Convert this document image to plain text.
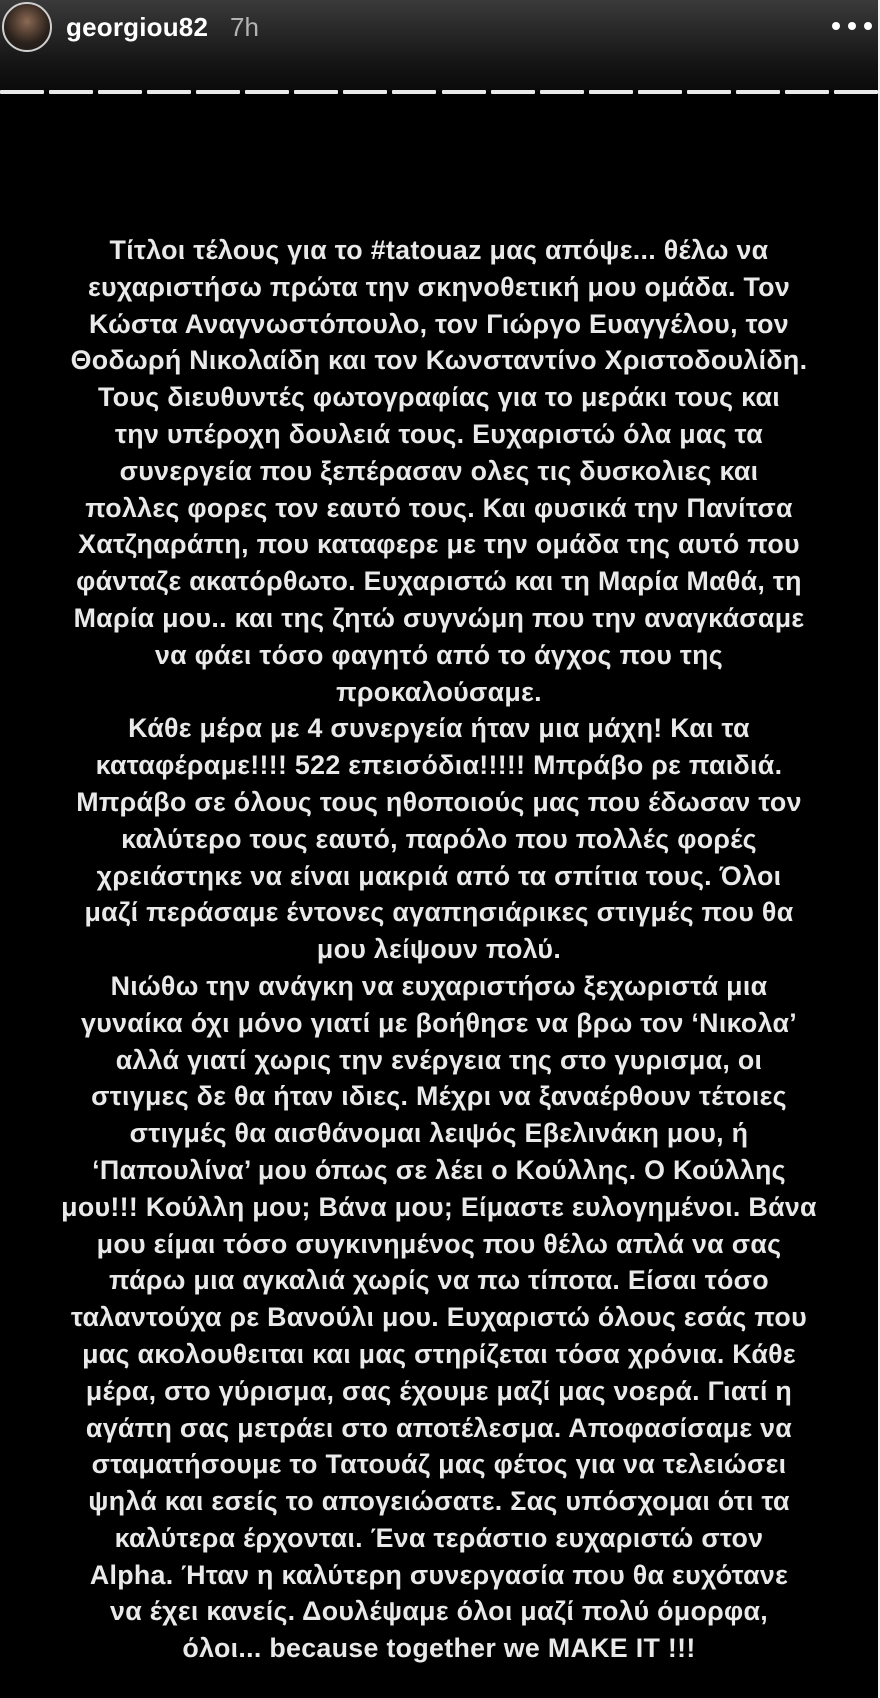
georgiou82 7h

Τίτλοι τέλους για το #tatouaz μας απόψε... θέλω να
ευχαριστήσω πρώτα την σκηνοθετική μου ομάδα. Τον
Κώστα Αναγνωστόπουλο, τον Γιώργο Ευαγγέλου, τον
Θοδωρή Νικολαίδη και τον Κωνσταντίνο Χριστοδουλίδη.
Τους διευθυντές φωτογραφίας για το μεράκι τους και
την υπέροχη δουλειά τους. Ευχαριστώ όλα μας τα
συνεργεία που ξεπέρασαν ολες τις δυσκολιες και
πολλες φορες τον εαυτό τους. Και φυσικά την Πανίτσα
Χατζηαράπη, που καταφερε με την ομάδα της αυτό που
φάνταζε ακατόρθωτο. Ευχαριστώ και τη Μαρία Μαθά, τη
Μαρία μου.. και της ζητώ συγνώμη που την αναγκάσαμε
να φάει τόσο φαγητό από το άγχος που της
προκαλούσαμε.
Κάθε μέρα με 4 συνεργεία ήταν μια μάχη! Και τα
καταφέραμε!!!! 522 επεισόδια!!!!! Μπράβο ρε παιδιά.
Μπράβο σε όλους τους ηθοποιούς μας που έδωσαν τον
καλύτερο τους εαυτό, παρόλο που πολλές φορές
χρειάστηκε να είναι μακριά από τα σπίτια τους. Όλοι
μαζί περάσαμε έντονες αγαπησιάρικες στιγμές που θα
μου λείψουν πολύ.
Νιώθω την ανάγκη να ευχαριστήσω ξεχωριστά μια
γυναίκα όχι μόνο γιατί με βοήθησε να βρω τον ‘Νικολα’
αλλά γιατί χωρις την ενέργεια της στο γυρισμα, οι
στιγμες δε θα ήταν ιδιες. Μέχρι να ξαναέρθουν τέτοιες
στιγμές θα αισθάνομαι λειψός Εβελινάκη μου, ή
‘Παπουλίνα’ μου όπως σε λέει ο Κούλλης. Ο Κούλλης
μου!!! Κούλλη μου; Βάνα μου; Είμαστε ευλογημένοι. Βάνα
μου είμαι τόσο συγκινημένος που θέλω απλά να σας
πάρω μια αγκαλιά χωρίς να πω τίποτα. Είσαι τόσο
ταλαντούχα ρε Βανούλι μου. Ευχαριστώ όλους εσάς που
μας ακολουθειται και μας στηρίζεται τόσα χρόνια. Κάθε
μέρα, στο γύρισμα, σας έχουμε μαζί μας νοερά. Γιατί η
αγάπη σας μετράει στο αποτέλεσμα. Αποφασίσαμε να
σταματήσουμε το Τατουάζ μας φέτος για να τελειώσει
ψηλά και εσείς το απογειώσατε. Σας υπόσχομαι ότι τα
καλύτερα έρχονται. Ένα τεράστιο ευχαριστώ στον
Alpha. Ήταν η καλύτερη συνεργασία που θα ευχότανε
να έχει κανείς. Δουλέψαμε όλοι μαζί πολύ όμορφα,
όλοι... because together we MAKE IT !!!
